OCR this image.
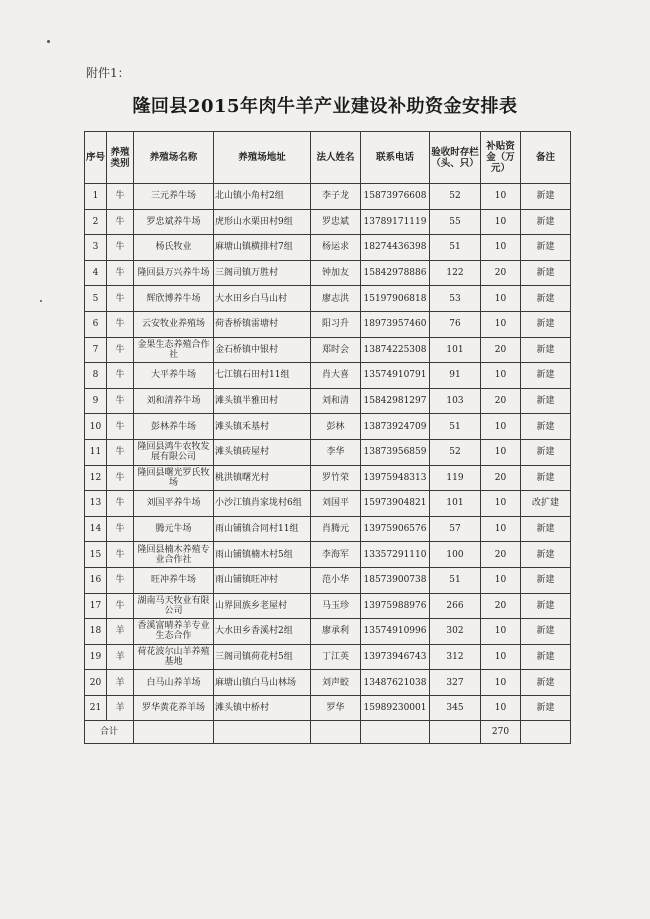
附件1：
隆回县2015年肉牛羊产业建设补助资金安排表
序号	养殖类别	养殖场名称	养殖场地址	法人姓名	联系电话	验收时存栏（头、只）	补贴资金（万元）	备注
1	牛	三元养牛场	北山镇小角村2组	李子龙	15873976608	52	10	新建
2	牛	罗忠斌养牛场	虎形山水栗田村9组	罗忠斌	13789171119	55	10	新建
3	牛	杨氏牧业	麻塘山镇横排村7组	杨运求	18274436398	51	10	新建
4	牛	隆回县万兴养牛场	三阁司镇万胜村	钟加友	15842978886	122	20	新建
5	牛	辉欣博养牛场	大水田乡白马山村	廖志洪	15197906818	53	10	新建
6	牛	云安牧业养殖场	荷香桥镇雷塘村	阳习升	18973957460	76	10	新建
7	牛	金果生态养殖合作社	金石桥镇中银村	郑时会	13874225308	101	20	新建
8	牛	大平养牛场	七江镇石田村11组	肖大喜	13574910791	91	10	新建
9	牛	刘和清养牛场	滩头镇半雅田村	刘和清	15842981297	103	20	新建
10	牛	彭林养牛场	滩头镇禾基村	彭林	13873924709	51	10	新建
11	牛	隆回县鸿牛农牧发展有限公司	滩头镇砖屋村	李华	13873956859	52	10	新建
12	牛	隆回县曙光罗氏牧场	桃洪镇曙光村	罗竹荣	13975948313	119	20	新建
13	牛	刘国平养牛场	小沙江镇肖家垅村6组	刘国平	15973904821	101	10	改扩建
14	牛	腾元牛场	雨山铺镇合同村11组	肖腾元	13975906576	57	10	新建
15	牛	隆回县楠木养殖专业合作社	雨山铺镇楠木村5组	李海军	13357291110	100	20	新建
16	牛	旺冲养牛场	雨山铺镇旺冲村	范小华	18573900738	51	10	新建
17	牛	湖南马天牧业有限公司	山界回族乡老屋村	马玉珍	13975988976	266	20	新建
18	羊	香溪富晴养羊专业生态合作	大水田乡香溪村2组	廖承利	13574910996	302	10	新建
19	羊	荷花波尔山羊养殖基地	三阁司镇荷花村5组	丁江英	13973946743	312	10	新建
20	羊	白马山养羊场	麻塘山镇白马山林场	刘声蛟	13487621038	327	10	新建
21	羊	罗华黄花养羊场	滩头镇中桥村	罗华	15989230001	345	10	新建
合计							270	
